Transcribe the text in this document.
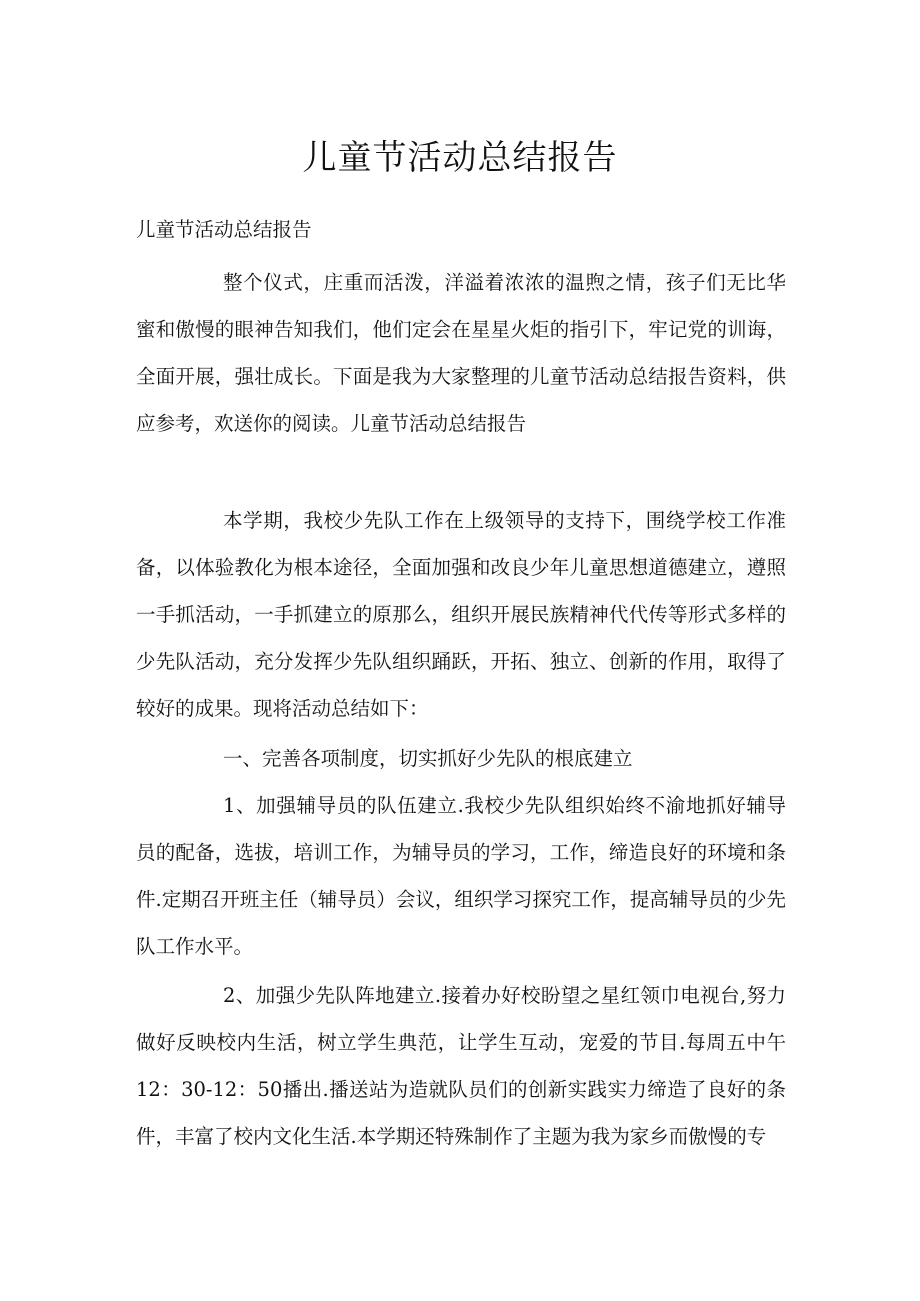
儿童节活动总结报告

儿童节活动总结报告

整个仪式，庄重而活泼，洋溢着浓浓的温煦之情，孩子们无比华蜜和傲慢的眼神告知我们，他们定会在星星火炬的指引下，牢记党的训诲，全面开展，强壮成长。下面是我为大家整理的儿童节活动总结报告资料，供应参考，欢送你的阅读。儿童节活动总结报告

本学期，我校少先队工作在上级领导的支持下，围绕学校工作准备，以体验教化为根本途径，全面加强和改良少年儿童思想道德建立，遵照一手抓活动，一手抓建立的原那么，组织开展民族精神代代传等形式多样的少先队活动，充分发挥少先队组织踊跃，开拓、独立、创新的作用，取得了较好的成果。现将活动总结如下：

一、完善各项制度，切实抓好少先队的根底建立

1、加强辅导员的队伍建立.我校少先队组织始终不渝地抓好辅导员的配备，选拔，培训工作，为辅导员的学习，工作，缔造良好的环境和条件.定期召开班主任（辅导员）会议，组织学习探究工作，提高辅导员的少先队工作水平。

2、加强少先队阵地建立.接着办好校盼望之星红领巾电视台,努力做好反映校内生活，树立学生典范，让学生互动，宠爱的节目.每周五中午12：30-12：50播出.播送站为造就队员们的创新实践实力缔造了良好的条件，丰富了校内文化生活.本学期还特殊制作了主题为我为家乡而傲慢的专
